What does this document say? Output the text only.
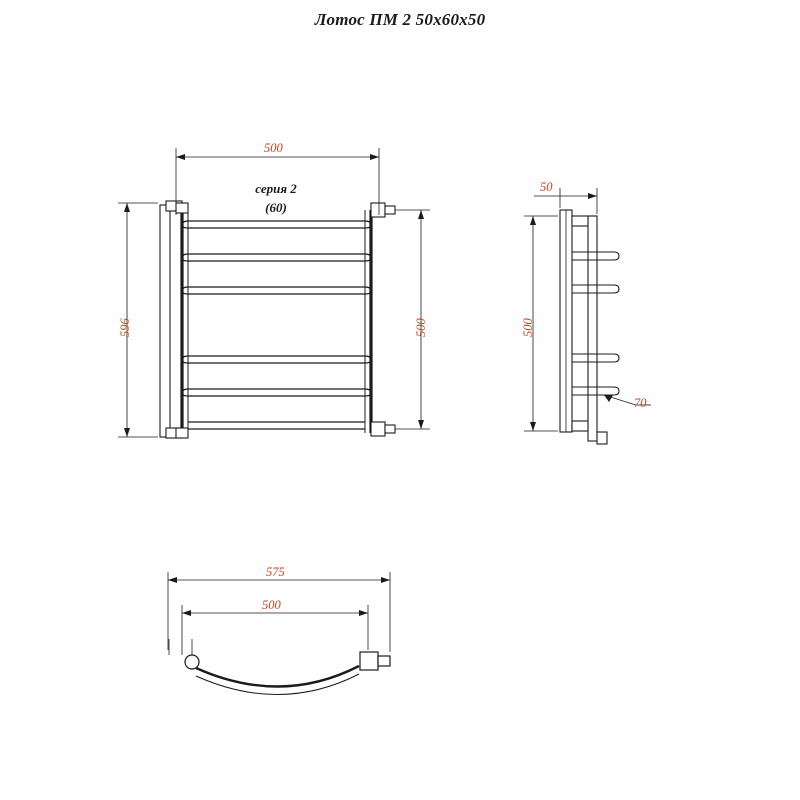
Лотос ПМ 2 50х60х50
500
596	500
серия 2
(60)
50
500
70
575
500
